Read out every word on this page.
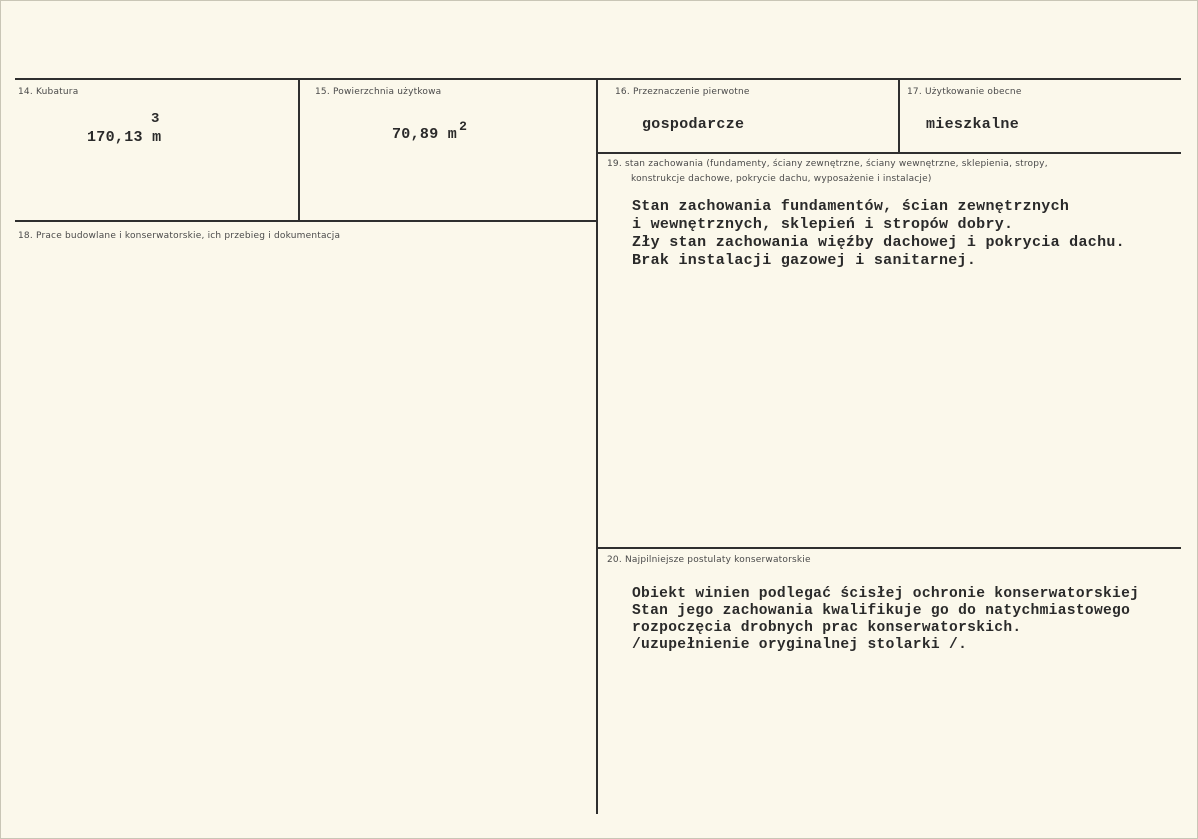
14. Kubatura
170,13 m
3
15. Powierzchnia użytkowa
70,89 m 2
16. Przeznaczenie pierwotne
gospodarcze
17. Użytkowanie obecne
mieszkalne
18. Prace budowlane i konserwatorskie, ich przebieg i dokumentacja
19. stan zachowania (fundamenty, ściany zewnętrzne, ściany wewnętrzne, sklepienia, stropy,
konstrukcje dachowe, pokrycie dachu, wyposażenie i instalacje)
Stan zachowania fundamentów, ścian zewnętrznych
i wewnętrznych, sklepień i stropów dobry.
Zły stan zachowania więźby dachowej i pokrycia dachu.
Brak instalacji gazowej i sanitarnej.
20. Najpilniejsze postulaty konserwatorskie
Obiekt winien podlegać ścisłej ochronie konserwatorskiej
Stan jego zachowania kwalifikuje go do natychmiastowego
rozpoczęcia drobnych prac konserwatorskich.
/uzupełnienie oryginalnej stolarki /.
